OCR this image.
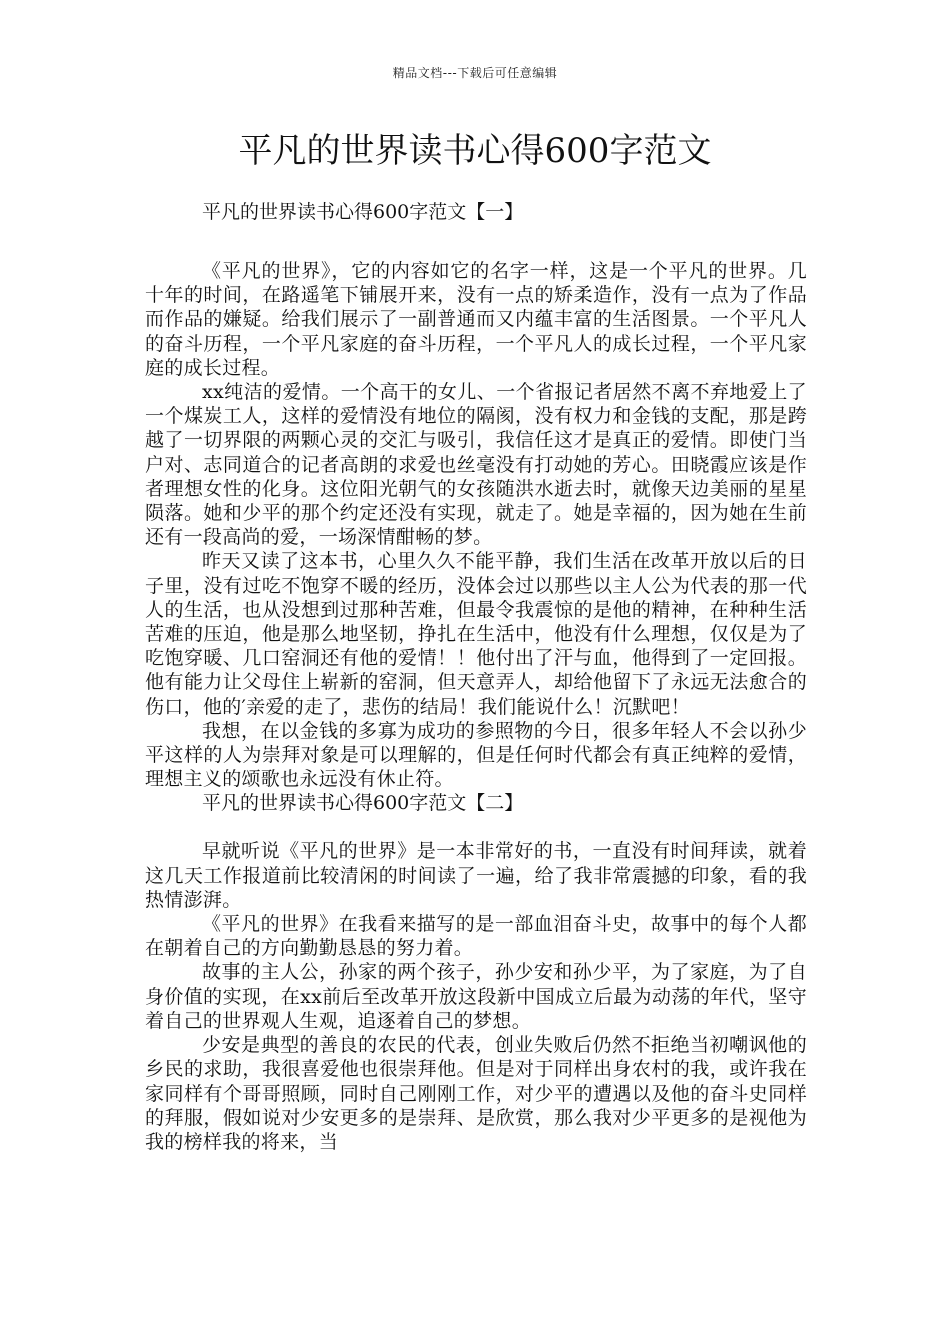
精品文档---下载后可任意编辑
平凡的世界读书心得600字范文

平凡的世界读书心得600字范文【一】

《平凡的世界》，它的内容如它的名字一样，这是一个平凡的世界。几十年的时间，在路遥笔下铺展开来，没有一点的矫柔造作，没有一点为了作品而作品的嫌疑。给我们展示了一副普通而又内蕴丰富的生活图景。一个平凡人的奋斗历程，一个平凡家庭的奋斗历程，一个平凡人的成长过程，一个平凡家庭的成长过程。

xx纯洁的爱情。一个高干的女儿、一个省报记者居然不离不弃地爱上了一个煤炭工人，这样的爱情没有地位的隔阂，没有权力和金钱的支配，那是跨越了一切界限的两颗心灵的交汇与吸引，我信任这才是真正的爱情。即使门当户对、志同道合的记者高朗的求爱也丝毫没有打动她的芳心。田晓霞应该是作者理想女性的化身。这位阳光朝气的女孩随洪水逝去时，就像天边美丽的星星陨落。她和少平的那个约定还没有实现，就走了。她是幸福的，因为她在生前还有一段高尚的爱，一场深情酣畅的梦。

昨天又读了这本书，心里久久不能平静，我们生活在改革开放以后的日子里，没有过吃不饱穿不暖的经历，没体会过以那些以主人公为代表的那一代人的生活，也从没想到过那种苦难，但最令我震惊的是他的精神，在种种生活苦难的压迫，他是那么地坚韧，挣扎在生活中，他没有什么理想，仅仅是为了吃饱穿暖、几口窑洞还有他的爱情！！他付出了汗与血，他得到了一定回报。他有能力让父母住上崭新的窑洞，但天意弄人，却给他留下了永远无法愈合的伤口，他的′亲爱的走了，悲伤的结局！我们能说什么！沉默吧！

我想，在以金钱的多寡为成功的参照物的今日，很多年轻人不会以孙少平这样的人为崇拜对象是可以理解的，但是任何时代都会有真正纯粹的爱情，理想主义的颂歌也永远没有休止符。

平凡的世界读书心得600字范文【二】

早就听说《平凡的世界》是一本非常好的书，一直没有时间拜读，就着这几天工作报道前比较清闲的时间读了一遍，给了我非常震撼的印象，看的我热情澎湃。

《平凡的世界》在我看来描写的是一部血泪奋斗史，故事中的每个人都在朝着自己的方向勤勤恳恳的努力着。

故事的主人公，孙家的两个孩子，孙少安和孙少平，为了家庭，为了自身价值的实现，在xx前后至改革开放这段新中国成立后最为动荡的年代，坚守着自己的世界观人生观，追逐着自己的梦想。

少安是典型的善良的农民的代表，创业失败后仍然不拒绝当初嘲讽他的乡民的求助，我很喜爱他也很崇拜他。但是对于同样出身农村的我，或许我在家同样有个哥哥照顾，同时自己刚刚工作，对少平的遭遇以及他的奋斗史同样的拜服，假如说对少安更多的是崇拜、是欣赏，那么我对少平更多的是视他为我的榜样我的将来，当
